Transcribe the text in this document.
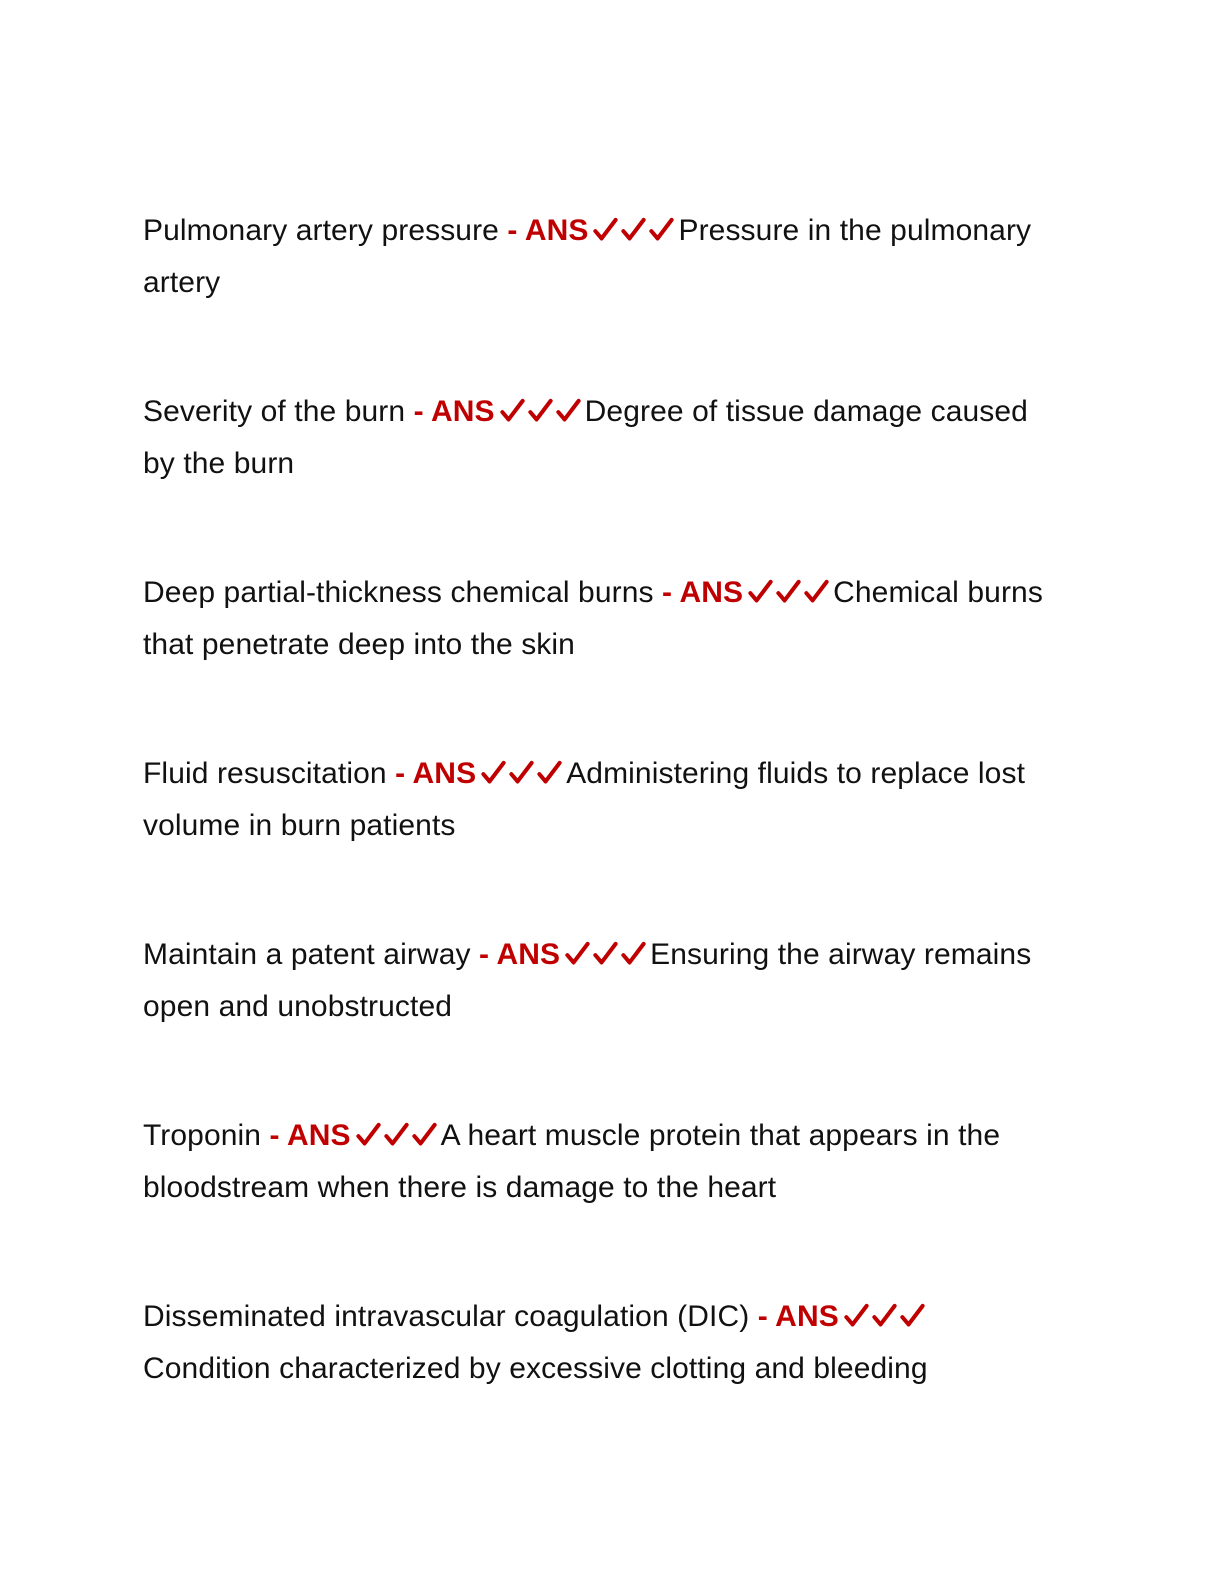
Pulmonary artery pressure - ANS	Pressure in the pulmonary artery

Severity of the burn - ANS	Degree of tissue damage caused by the burn

Deep partial-thickness chemical burns - ANS	Chemical burns that penetrate deep into the skin

Fluid resuscitation - ANS	Administering fluids to replace lost volume in burn patients

Maintain a patent airway - ANS	Ensuring the airway remains open and unobstructed

Troponin - ANS	A heart muscle protein that appears in the bloodstream when there is damage to the heart

Disseminated intravascular coagulation (DIC) - ANSCondition characterized by excessive clotting and bleeding
